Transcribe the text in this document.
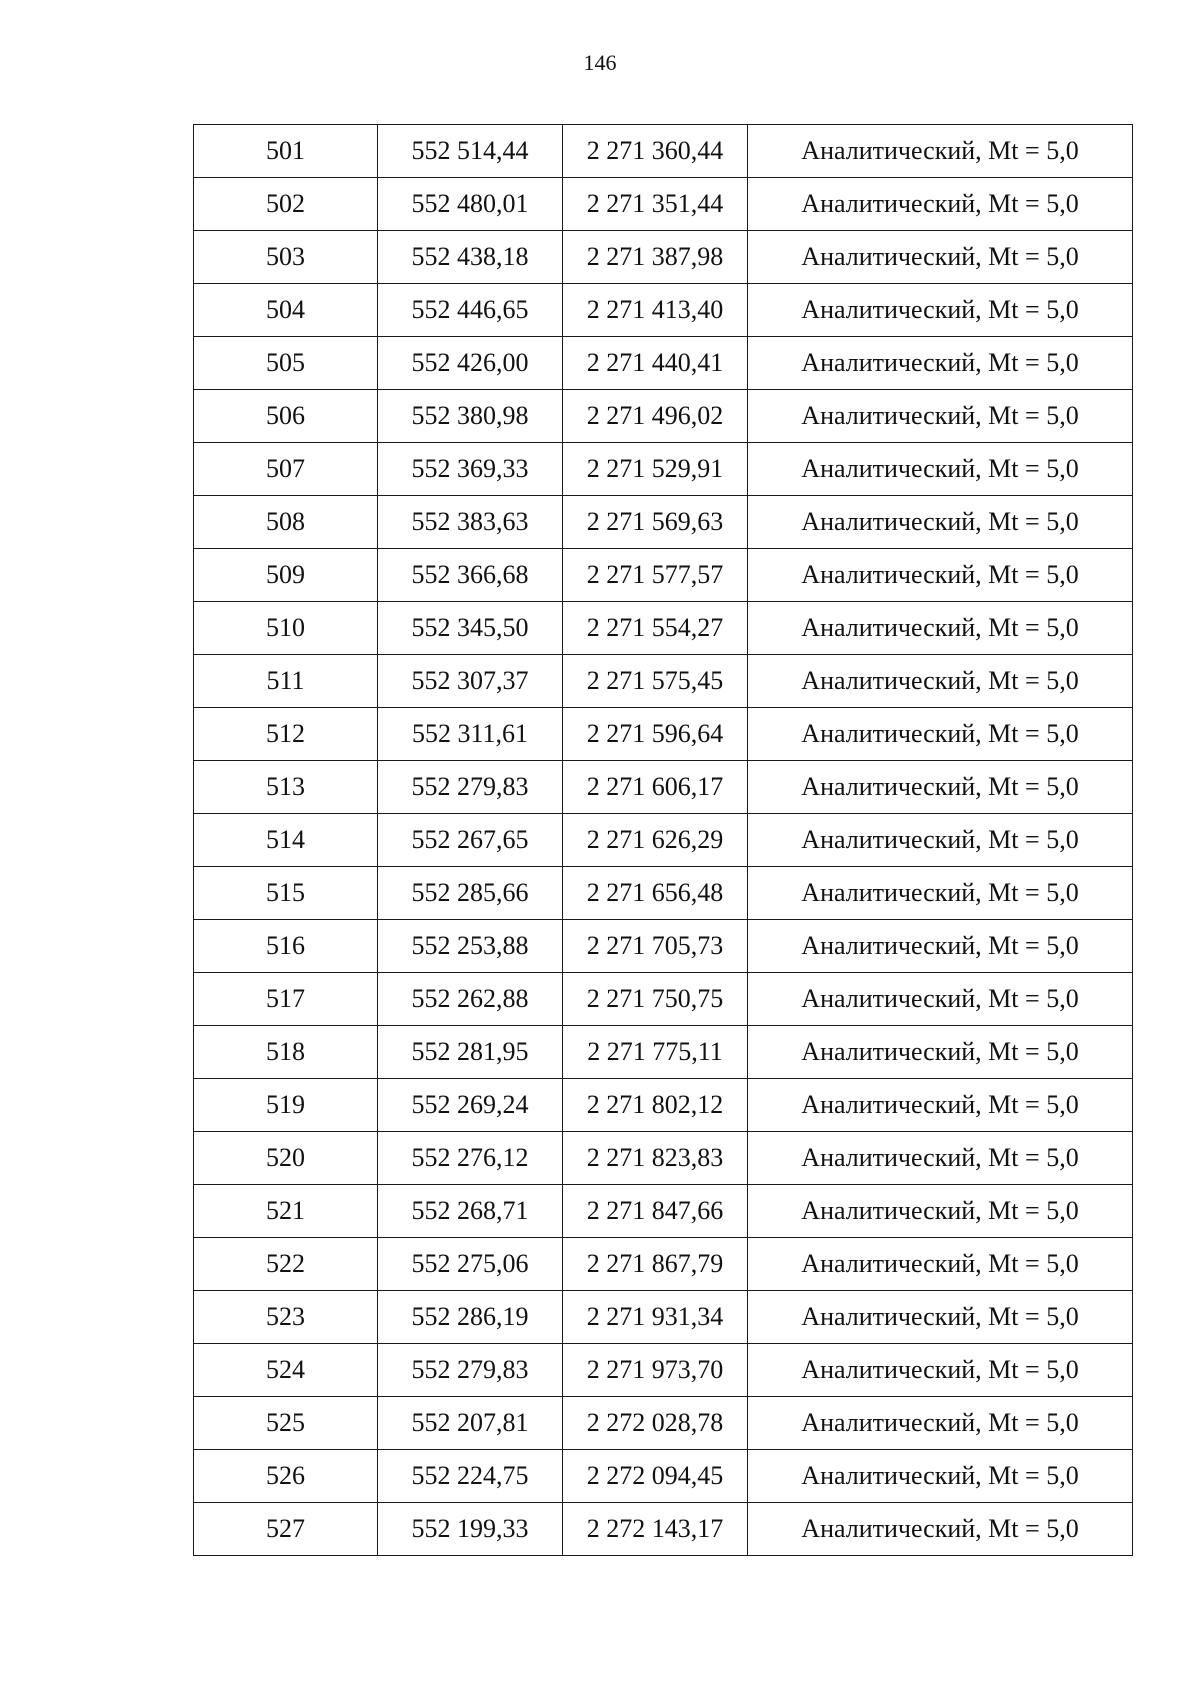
146
501	552 514,44	2 271 360,44	Аналитический, Mt = 5,0
502	552 480,01	2 271 351,44	Аналитический, Mt = 5,0
503	552 438,18	2 271 387,98	Аналитический, Mt = 5,0
504	552 446,65	2 271 413,40	Аналитический, Mt = 5,0
505	552 426,00	2 271 440,41	Аналитический, Mt = 5,0
506	552 380,98	2 271 496,02	Аналитический, Mt = 5,0
507	552 369,33	2 271 529,91	Аналитический, Mt = 5,0
508	552 383,63	2 271 569,63	Аналитический, Mt = 5,0
509	552 366,68	2 271 577,57	Аналитический, Mt = 5,0
510	552 345,50	2 271 554,27	Аналитический, Mt = 5,0
511	552 307,37	2 271 575,45	Аналитический, Mt = 5,0
512	552 311,61	2 271 596,64	Аналитический, Mt = 5,0
513	552 279,83	2 271 606,17	Аналитический, Mt = 5,0
514	552 267,65	2 271 626,29	Аналитический, Mt = 5,0
515	552 285,66	2 271 656,48	Аналитический, Mt = 5,0
516	552 253,88	2 271 705,73	Аналитический, Mt = 5,0
517	552 262,88	2 271 750,75	Аналитический, Mt = 5,0
518	552 281,95	2 271 775,11	Аналитический, Mt = 5,0
519	552 269,24	2 271 802,12	Аналитический, Mt = 5,0
520	552 276,12	2 271 823,83	Аналитический, Mt = 5,0
521	552 268,71	2 271 847,66	Аналитический, Mt = 5,0
522	552 275,06	2 271 867,79	Аналитический, Mt = 5,0
523	552 286,19	2 271 931,34	Аналитический, Mt = 5,0
524	552 279,83	2 271 973,70	Аналитический, Mt = 5,0
525	552 207,81	2 272 028,78	Аналитический, Mt = 5,0
526	552 224,75	2 272 094,45	Аналитический, Mt = 5,0
527	552 199,33	2 272 143,17	Аналитический, Mt = 5,0
